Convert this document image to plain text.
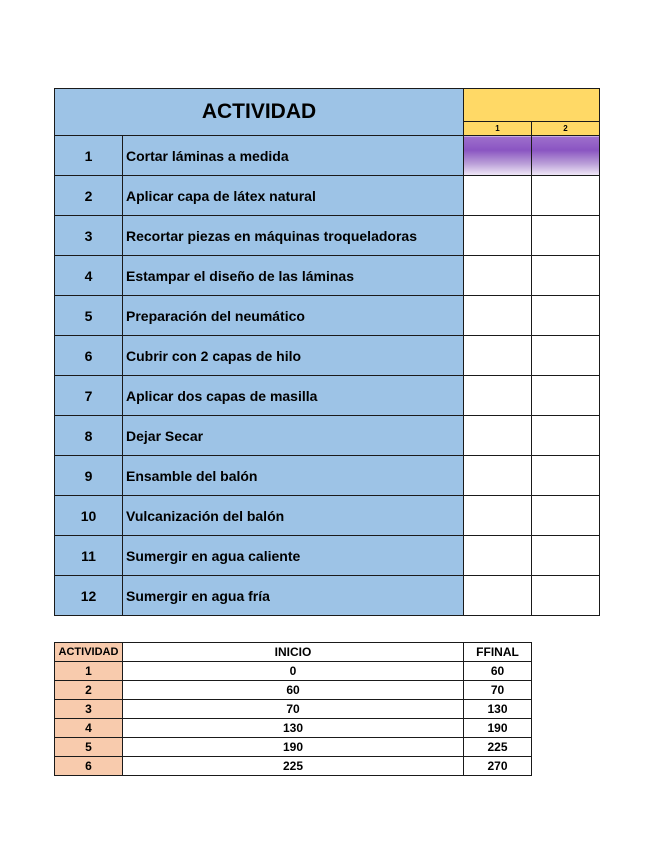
ACTIVIDAD			
		1	2
1	Cortar láminas a medida		
2	Aplicar capa de látex natural		
3	Recortar piezas en máquinas troqueladoras		
4	Estampar el diseño de las láminas		
5	Preparación del neumático		
6	Cubrir con 2 capas de hilo		
7	Aplicar dos capas de masilla		
8	Dejar Secar		
9	Ensamble del balón		
10	Vulcanización del balón		
11	Sumergir en agua caliente		
12	Sumergir en agua fría		
ACTIVIDAD	INICIO	FFINAL
1	0	60
2	60	70
3	70	130
4	130	190
5	190	225
6	225	270
